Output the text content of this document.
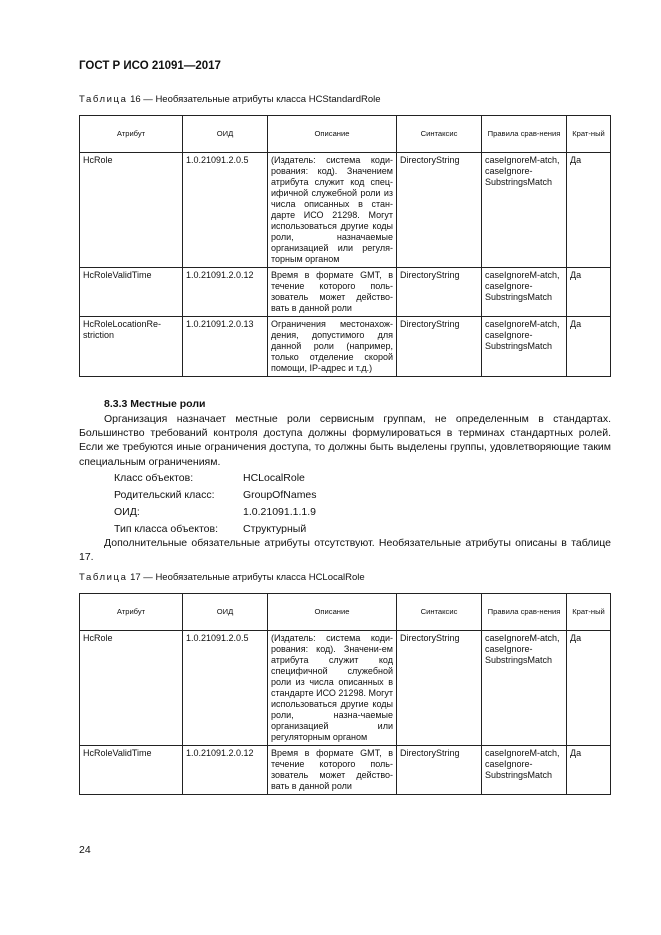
ГОСТ Р ИСО 21091—2017
Таблица 16 — Необязательные атрибуты класса HCStandardRole
Атрибут	ОИД	Описание	Синтаксис	Правила срав-нения	Крат-ный
HcRole	1.0.21091.2.0.5	(Издатель: система коди-рования: код). Значением атрибута служит код спец-ифичной служебной роли из числа описанных в стан-дарте ИСО 21298. Могут использоваться другие коды роли, назначаемые организацией или регуля-торным органом	DirectoryString	caseIgnoreM-atch, caseIgnore-SubstringsMatch	Да
HcRoleValidTime	1.0.21091.2.0.12	Время в формате GMT, в течение которого поль-зователь может действо-вать в данной роли	DirectoryString	caseIgnoreM-atch, caseIgnore-SubstringsMatch	Да
HcRoleLocationRe-striction	1.0.21091.2.0.13	Ограничения местонахож-дения, допустимого для данной роли (например, только отделение скорой помощи, IP-адрес и т.д.)	DirectoryString	caseIgnoreM-atch, caseIgnore-SubstringsMatch	Да
8.3.3 Местные роли
Организация назначает местные роли сервисным группам, не определенным в стандартах. Большинство требований контроля доступа должны формулироваться в терминах стандартных ролей. Если же требуются иные ограничения доступа, то должны быть выделены группы, удовлетворяющие таким специальным ограничениям.
Класс объектов:	HCLocalRole
Родительский класс:	GroupOfNames
ОИД:	1.0.21091.1.1.9
Тип класса объектов:	Структурный
Дополнительные обязательные атрибуты отсутствуют. Необязательные атрибуты описаны в таблице 17.
Таблица 17 — Необязательные атрибуты класса HCLocalRole
Атрибут	ОИД	Описание	Синтаксис	Правила срав-нения	Крат-ный
HcRole	1.0.21091.2.0.5	(Издатель: система коди-рования: код). Значени-ем атрибута служит код специфичной служебной роли из числа описанных в стандарте ИСО 21298. Могут использоваться другие коды роли, назна-чаемые организацией или регуляторным органом	DirectoryString	caseIgnoreM-atch, caseIgnore-SubstringsMatch	Да
HcRoleValidTime	1.0.21091.2.0.12	Время в формате GMT, в течение которого поль-зователь может действо-вать в данной роли	DirectoryString	caseIgnoreM-atch, caseIgnore-SubstringsMatch	Да
24
